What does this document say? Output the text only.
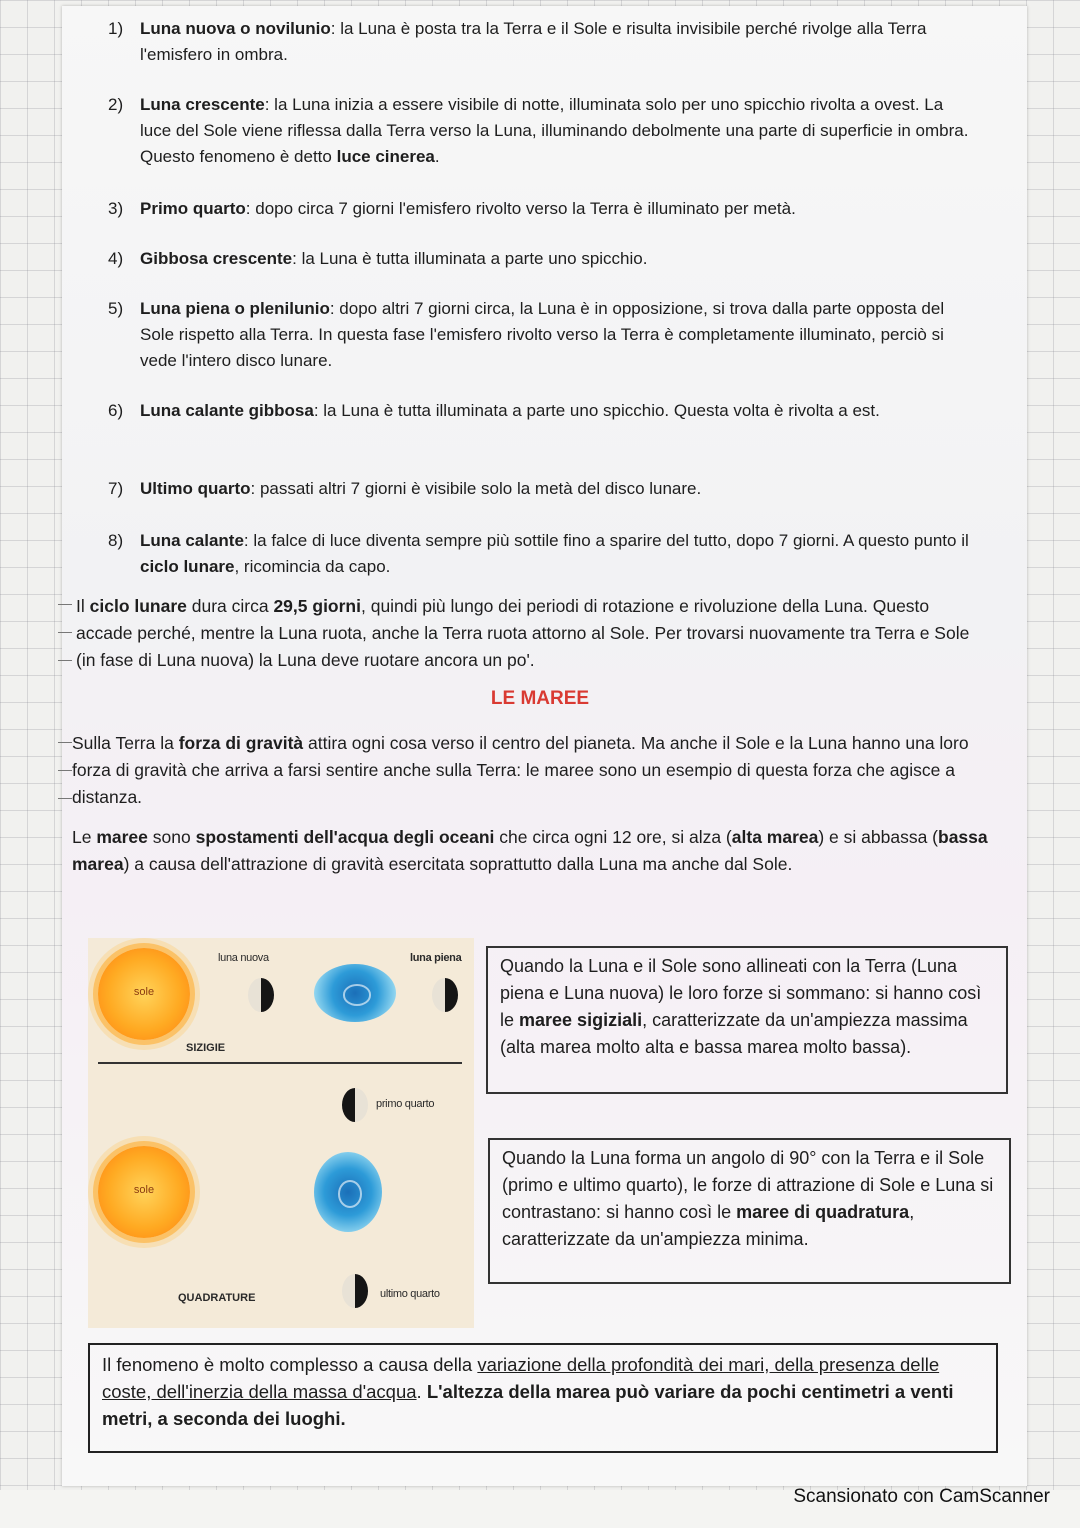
1) Luna nuova o novilunio: la Luna è posta tra la Terra e il Sole e risulta invisibile perché rivolge alla Terra l'emisfero in ombra.
2) Luna crescente: la Luna inizia a essere visibile di notte, illuminata solo per uno spicchio rivolta a ovest. La luce del Sole viene riflessa dalla Terra verso la Luna, illuminando debolmente una parte di superficie in ombra. Questo fenomeno è detto luce cinerea.
3) Primo quarto: dopo circa 7 giorni l'emisfero rivolto verso la Terra è illuminato per metà.
4) Gibbosa crescente: la Luna è tutta illuminata a parte uno spicchio.
5) Luna piena o plenilunio: dopo altri 7 giorni circa, la Luna è in opposizione, si trova dalla parte opposta del Sole rispetto alla Terra. In questa fase l'emisfero rivolto verso la Terra è completamente illuminato, perciò si vede l'intero disco lunare.
6) Luna calante gibbosa: la Luna è tutta illuminata a parte uno spicchio. Questa volta è rivolta a est.
7) Ultimo quarto: passati altri 7 giorni è visibile solo la metà del disco lunare.
8) Luna calante: la falce di luce diventa sempre più sottile fino a sparire del tutto, dopo 7 giorni. A questo punto il ciclo lunare, ricomincia da capo.
Il ciclo lunare dura circa 29,5 giorni, quindi più lungo dei periodi di rotazione e rivoluzione della Luna. Questo accade perché, mentre la Luna ruota, anche la Terra ruota attorno al Sole. Per trovarsi nuovamente tra Terra e Sole (in fase di Luna nuova) la Luna deve ruotare ancora un po'.
LE MAREE
Sulla Terra la forza di gravità attira ogni cosa verso il centro del pianeta. Ma anche il Sole e la Luna hanno una loro forza di gravità che arriva a farsi sentire anche sulla Terra: le maree sono un esempio di questa forza che agisce a distanza.
Le maree sono spostamenti dell'acqua degli oceani che circa ogni 12 ore, si alza (alta marea) e si abbassa (bassa marea) a causa dell'attrazione di gravità esercitata soprattutto dalla Luna ma anche dal Sole.
sole
luna nuova	luna piena
SIZIGIE
primo quarto
sole
QUADRATURE	ultimo quarto
Quando la Luna e il Sole sono allineati con la Terra (Luna piena e Luna nuova) le loro forze si sommano: si hanno così le maree sigiziali, caratterizzate da un'ampiezza massima (alta marea molto alta e bassa marea molto bassa).
Quando la Luna forma un angolo di 90° con la Terra e il Sole (primo e ultimo quarto), le forze di attrazione di Sole e Luna si contrastano: si hanno così le maree di quadratura, caratterizzate da un'ampiezza minima.
Il fenomeno è molto complesso a causa della variazione della profondità dei mari, della presenza delle coste, dell'inerzia della massa d'acqua. L'altezza della marea può variare da pochi centimetri a venti metri, a seconda dei luoghi.
Scansionato con CamScanner
